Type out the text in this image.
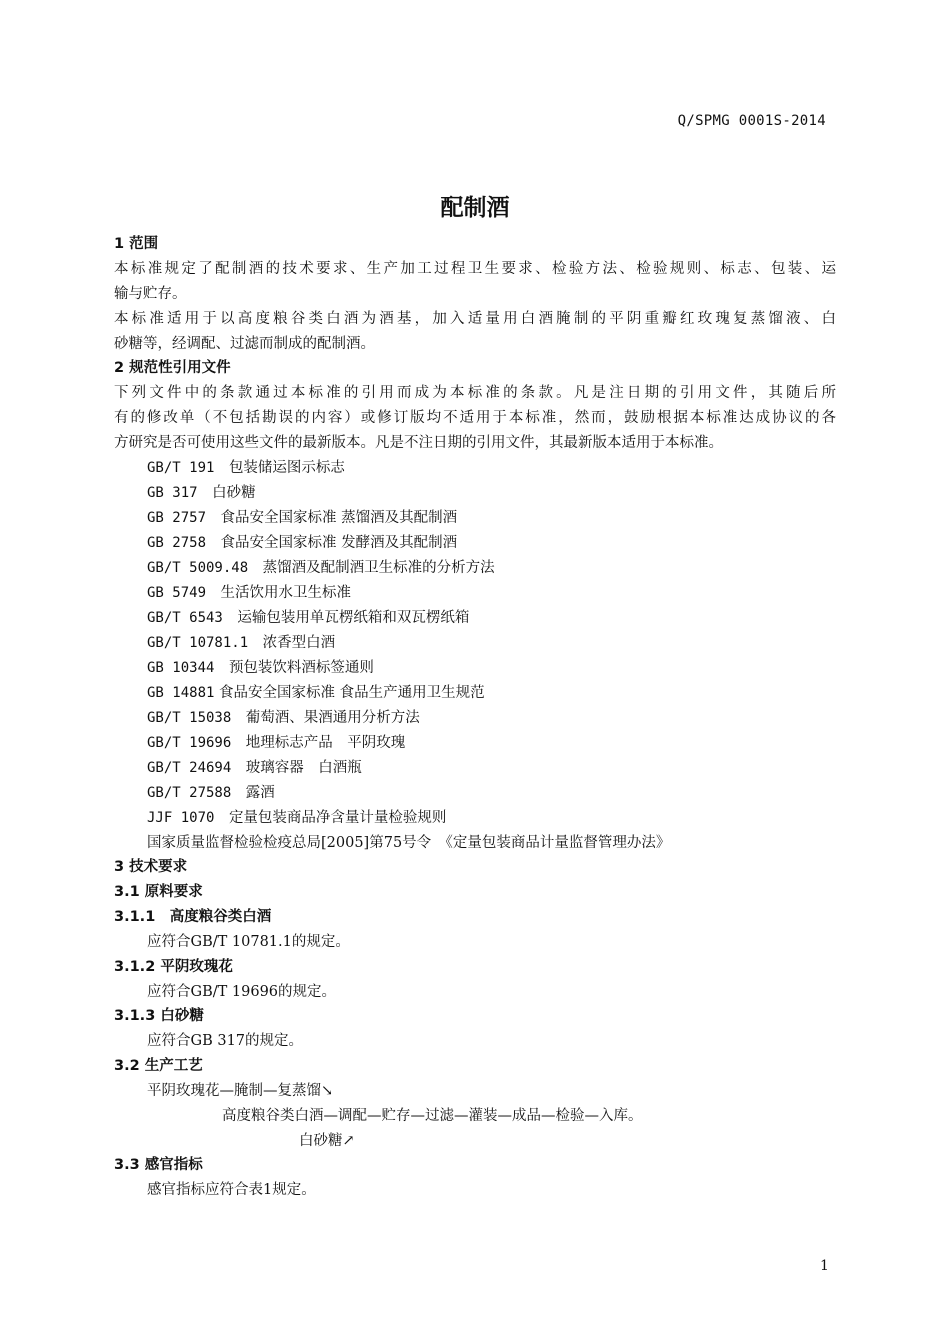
Q/SPMG 0001S-2014
配制酒
1 范围
本标准规定了配制酒的技术要求、生产加工过程卫生要求、检验方法、检验规则、标志、包装、运
输与贮存。
本标准适用于以高度粮谷类白酒为酒基，加入适量用白酒腌制的平阴重瓣红玫瑰复蒸馏液、白
砂糖等，经调配、过滤而制成的配制酒。
2 规范性引用文件
下列文件中的条款通过本标准的引用而成为本标准的条款。凡是注日期的引用文件，其随后所
有的修改单（不包括勘误的内容）或修订版均不适用于本标准，然而，鼓励根据本标准达成协议的各
方研究是否可使用这些文件的最新版本。凡是不注日期的引用文件，其最新版本适用于本标准。
GB/T 191　 包装储运图示标志
GB 317　 白砂糖
GB 2757　 食品安全国家标准 蒸馏酒及其配制酒
GB 2758　 食品安全国家标准 发酵酒及其配制酒
GB/T 5009.48　 蒸馏酒及配制酒卫生标准的分析方法
GB 5749　 生活饮用水卫生标准
GB/T 6543　 运输包装用单瓦楞纸箱和双瓦楞纸箱
GB/T 10781.1　 浓香型白酒
GB 10344　 预包装饮料酒标签通则
GB 14881 食品安全国家标准 食品生产通用卫生规范
GB/T 15038　 葡萄酒、果酒通用分析方法
GB/T 19696　 地理标志产品　平阴玫瑰
GB/T 24694　 玻璃容器　白酒瓶
GB/T 27588　 露酒
JJF 1070　 定量包装商品净含量计量检验规则
国家质量监督检验检疫总局[2005]第75号令　《定量包装商品计量监督管理办法》
3 技术要求
3.1 原料要求
3.1.1　高度粮谷类白酒
应符合GB/T 10781.1的规定。
3.1.2 平阴玫瑰花
应符合GB/T 19696的规定。
3.1.3 白砂糖
应符合GB 317的规定。
3.2 生产工艺
平阴玫瑰花—腌制—复蒸馏↘
高度粮谷类白酒—调配—贮存—过滤—灌装—成品—检验—入库。
白砂糖↗
3.3 感官指标
感官指标应符合表1规定。
1
